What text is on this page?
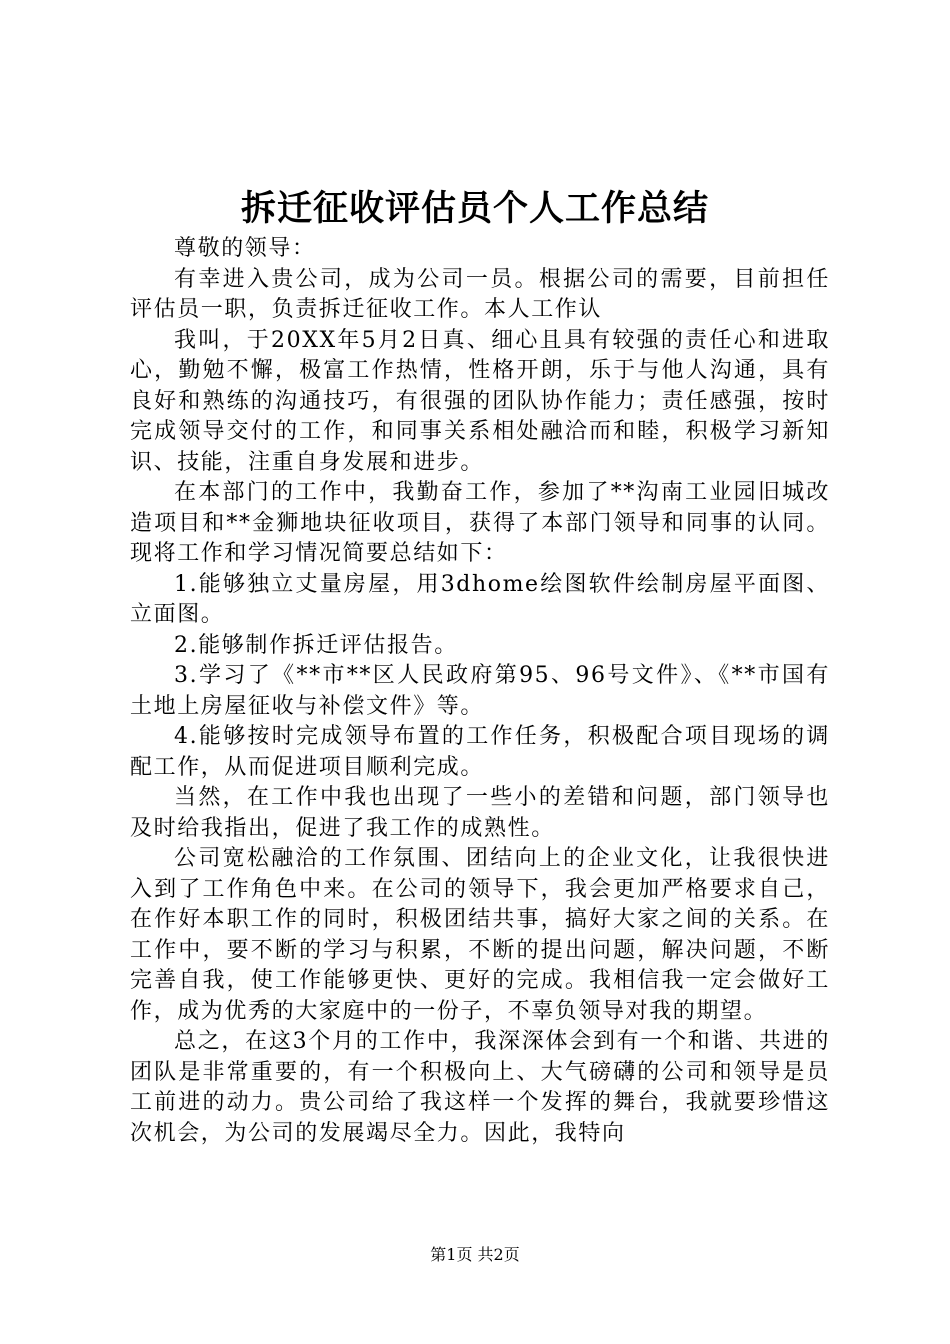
拆迁征收评估员个人工作总结

尊敬的领导：

有幸进入贵公司，成为公司一员。根据公司的需要，目前担任评估员一职，负责拆迁征收工作。本人工作认

我叫，于20XX年5月2日真、细心且具有较强的责任心和进取心，勤勉不懈，极富工作热情，性格开朗，乐于与他人沟通，具有良好和熟练的沟通技巧，有很强的团队协作能力；责任感强，按时完成领导交付的工作，和同事关系相处融洽而和睦，积极学习新知识、技能，注重自身发展和进步。

在本部门的工作中，我勤奋工作，参加了**沟南工业园旧城改造项目和**金狮地块征收项目，获得了本部门领导和同事的认同。现将工作和学习情况简要总结如下：

1.能够独立丈量房屋，用3dhome绘图软件绘制房屋平面图、立面图。

2.能够制作拆迁评估报告。

3.学习了《**市**区人民政府第95、96号文件》、《**市国有土地上房屋征收与补偿文件》等。

4.能够按时完成领导布置的工作任务，积极配合项目现场的调配工作，从而促进项目顺利完成。

当然，在工作中我也出现了一些小的差错和问题，部门领导也及时给我指出，促进了我工作的成熟性。

公司宽松融洽的工作氛围、团结向上的企业文化，让我很快进入到了工作角色中来。在公司的领导下，我会更加严格要求自己，在作好本职工作的同时，积极团结共事，搞好大家之间的关系。在工作中，要不断的学习与积累，不断的提出问题，解决问题，不断完善自我，使工作能够更快、更好的完成。我相信我一定会做好工作，成为优秀的大家庭中的一份子，不辜负领导对我的期望。

总之，在这3个月的工作中，我深深体会到有一个和谐、共进的团队是非常重要的，有一个积极向上、大气磅礴的公司和领导是员工前进的动力。贵公司给了我这样一个发挥的舞台，我就要珍惜这次机会，为公司的发展竭尽全力。因此，我特向

第1页 共2页
